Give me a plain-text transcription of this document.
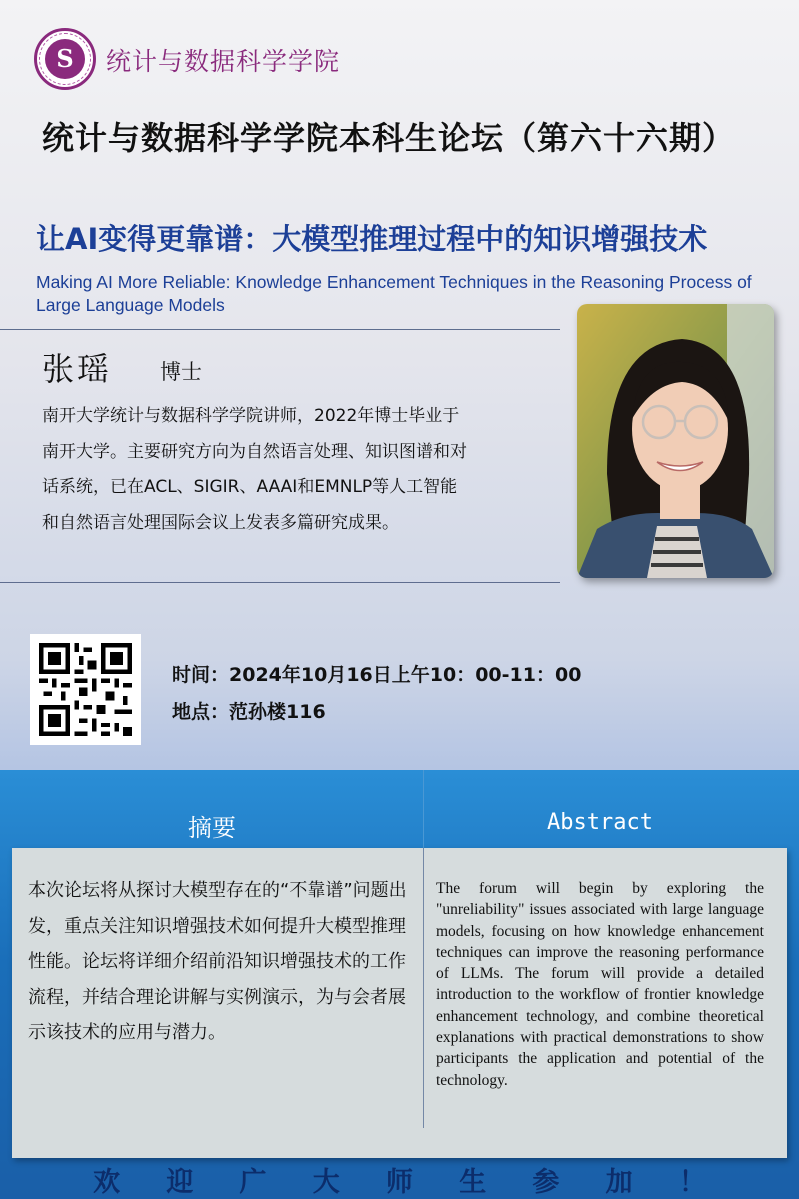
S	统计与数据科学学院
统计与数据科学学院本科生论坛（第六十六期）
让AI变得更靠谱：大模型推理过程中的知识增强技术
Making AI More Reliable: Knowledge Enhancement Techniques in the Reasoning Process of Large Language Models
张瑶 博士
南开大学统计与数据科学学院讲师，2022年博士毕业于南开大学。主要研究方向为自然语言处理、知识图谱和对话系统，已在ACL、SIGIR、AAAI和EMNLP等人工智能和自然语言处理国际会议上发表多篇研究成果。
时间：2024年10月16日上午10：00-11：00
地点：范孙楼116
摘要	Abstract
本次论坛将从探讨大模型存在的“不靠谱”问题出发，重点关注知识增强技术如何提升大模型推理性能。论坛将详细介绍前沿知识增强技术的工作流程，并结合理论讲解与实例演示，为与会者展示该技术的应用与潜力。
The forum will begin by exploring the "unreliability" issues associated with large language models, focusing on how knowledge enhancement techniques can improve the reasoning performance of LLMs. The forum will provide a detailed introduction to the workflow of frontier knowledge enhancement technology, and combine theoretical explanations with practical demonstrations to show participants the application and potential of the technology.
欢 迎 广 大 师 生 参 加 ！
